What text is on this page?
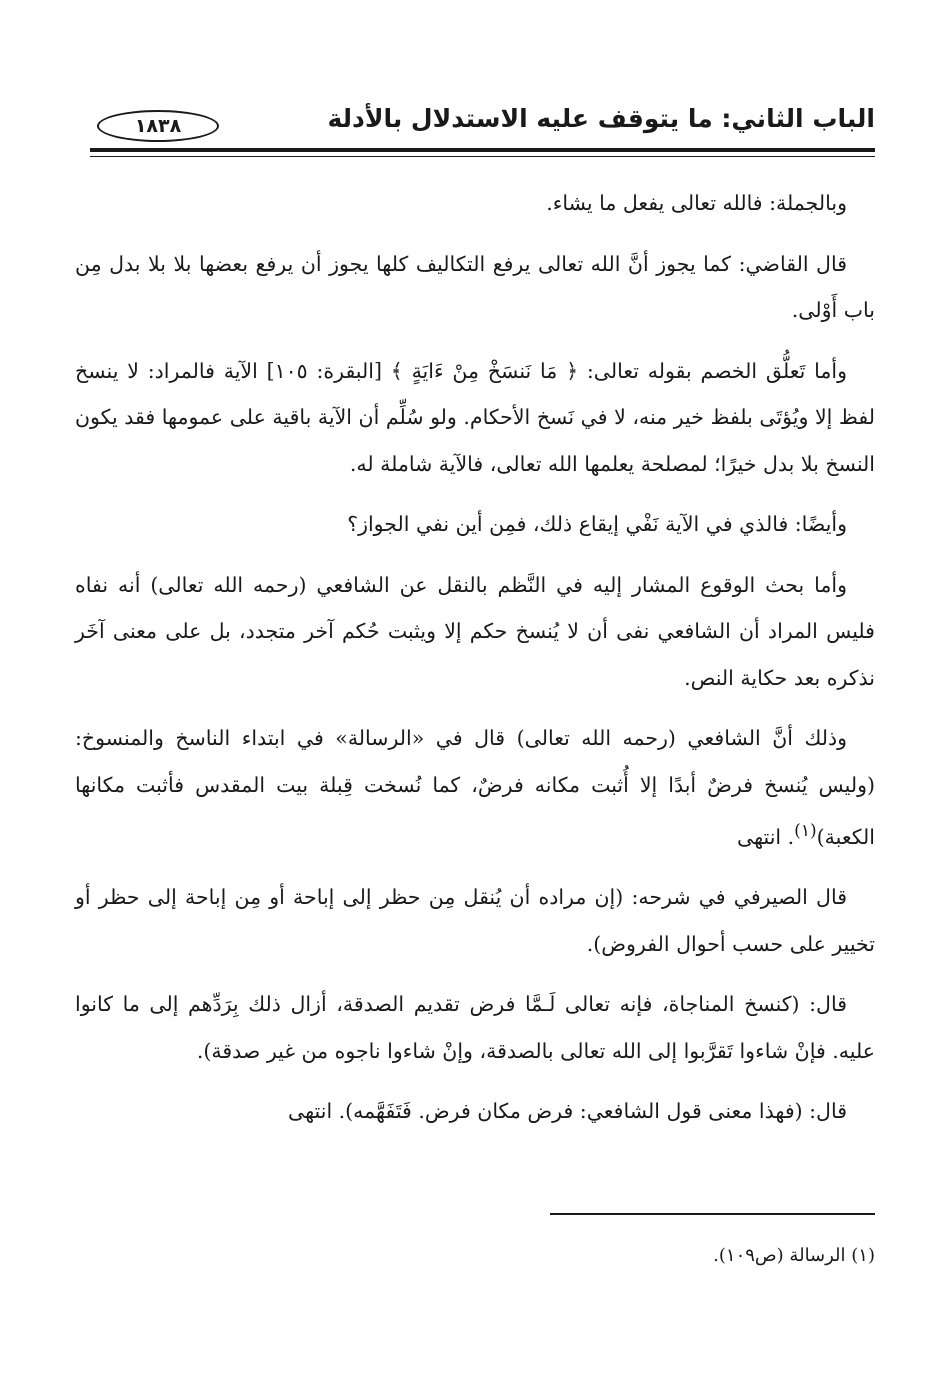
الباب الثاني: ما يتوقف عليه الاستدلال بالأدلة
١٨٣٨

وبالجملة: فالله تعالى يفعل ما يشاء.

قال القاضي: كما يجوز أنَّ الله تعالى يرفع التكاليف كلها يجوز أن يرفع بعضها بلا بلا بدل مِن باب أَوْلى.

وأما تَعلُّق الخصم بقوله تعالى: ﴿ مَا نَنسَخْ مِنْ ءَايَةٍ ﴾ [البقرة: ١٠٥] الآية فالمراد: لا ينسخ لفظ إلا ويُؤتَى بلفظ خير منه، لا في نَسخ الأحكام. ولو سُلِّم أن الآية باقية على عمومها فقد يكون النسخ بلا بدل خيرًا؛ لمصلحة يعلمها الله تعالى، فالآية شاملة له.

وأيضًا: فالذي في الآية نَفْي إيقاع ذلك، فمِن أين نفي الجواز؟

وأما بحث الوقوع المشار إليه في النَّظم بالنقل عن الشافعي (رحمه الله تعالى) أنه نفاه فليس المراد أن الشافعي نفى أن لا يُنسخ حكم إلا ويثبت حُكم آخر متجدد، بل على معنى آخَر نذكره بعد حكاية النص.

وذلك أنَّ الشافعي (رحمه الله تعالى) قال في «الرسالة» في ابتداء الناسخ والمنسوخ: (وليس يُنسخ فرضٌ أبدًا إلا أُثبت مكانه فرضٌ، كما نُسخت قِبلة بيت المقدس فأثبت مكانها الكعبة)$^{(١)}$. انتهى

قال الصيرفي في شرحه: (إن مراده أن يُنقل مِن حظر إلى إباحة أو مِن إباحة إلى حظر أو تخيير على حسب أحوال الفروض).

قال: (كنسخ المناجاة، فإنه تعالى لَـمَّا فرض تقديم الصدقة، أزال ذلك بِرَدِّهم إلى ما كانوا عليه. فإنْ شاءوا تَقرَّبوا إلى الله تعالى بالصدقة، وإنْ شاءوا ناجوه من غير صدقة).

قال: (فهذا معنى قول الشافعي: فرض مكان فرض. فَتَفَهَّمه). انتهى

(١) الرسالة (ص١٠٩).
